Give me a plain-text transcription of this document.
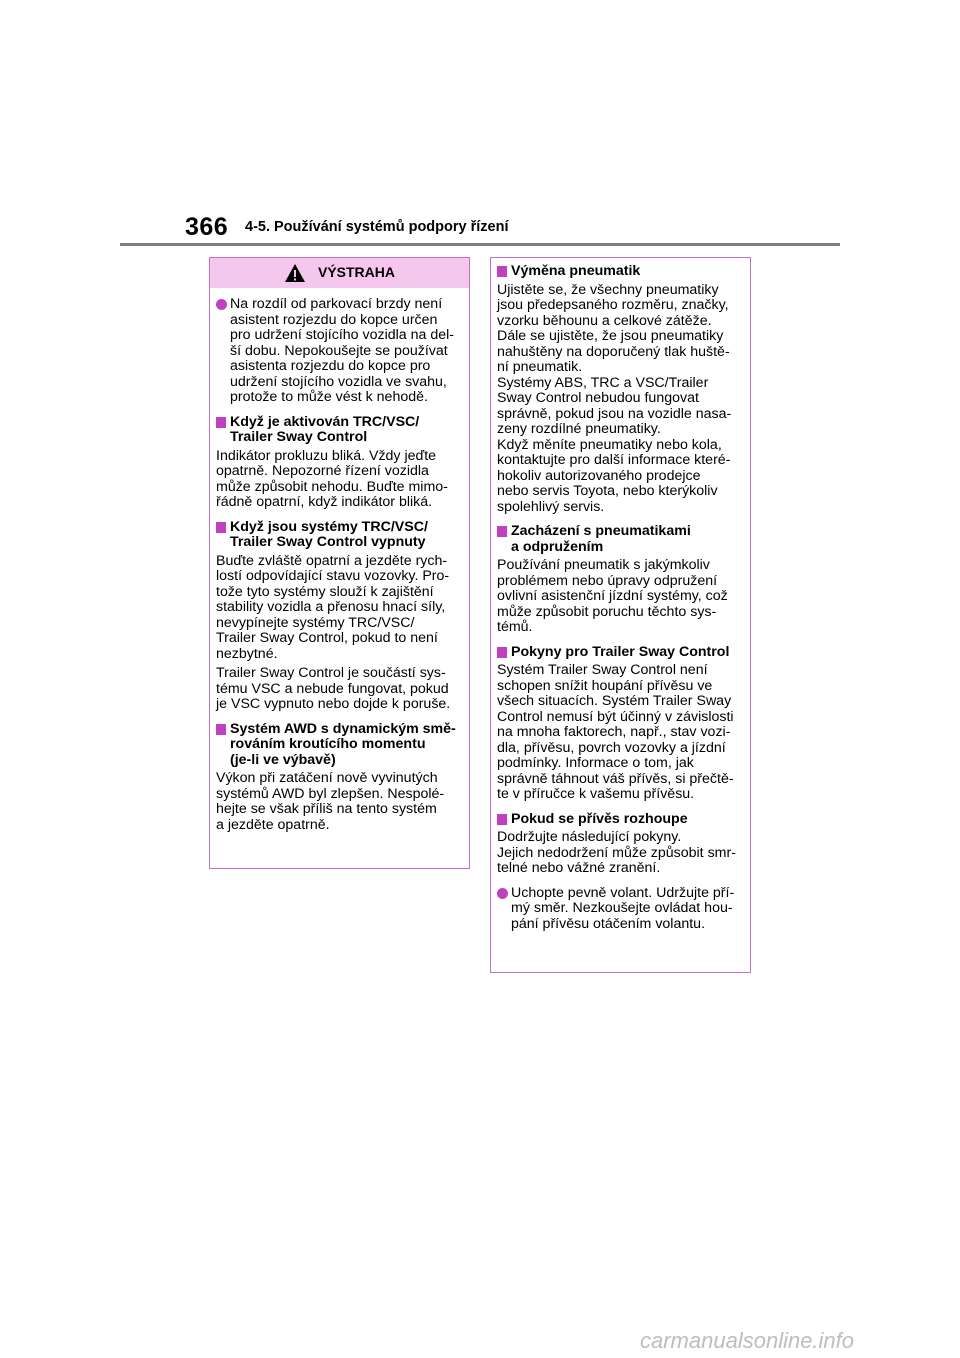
366 4-5. Používání systémů podpory řízení
VÝSTRAHA
Na rozdíl od parkovací brzdy není
asistent rozjezdu do kopce určen
pro udržení stojícího vozidla na del-
ší dobu. Nepokoušejte se používat
asistenta rozjezdu do kopce pro
udržení stojícího vozidla ve svahu,
protože to může vést k nehodě.
Když je aktivován TRC/VSC/
Trailer Sway Control

Indikátor prokluzu bliká. Vždy jeďte
opatrně. Nepozorné řízení vozidla
může způsobit nehodu. Buďte mimo-
řádně opatrní, když indikátor bliká.

Když jsou systémy TRC/VSC/
Trailer Sway Control vypnuty

Buďte zvláště opatrní a jezděte rych-
lostí odpovídající stavu vozovky. Pro-
tože tyto systémy slouží k zajištění
stability vozidla a přenosu hnací síly,
nevypínejte systémy TRC/VSC/
Trailer Sway Control, pokud to není
nezbytné.

Trailer Sway Control je součástí sys-
tému VSC a nebude fungovat, pokud
je VSC vypnuto nebo dojde k poruše.

Systém AWD s dynamickým smě-
rováním kroutícího momentu
(je-li ve výbavě)

Výkon při zatáčení nově vyvinutých
systémů AWD byl zlepšen. Nespolé-
hejte se však příliš na tento systém
a jezděte opatrně.

Výměna pneumatik

Ujistěte se, že všechny pneumatiky
jsou předepsaného rozměru, značky,
vzorku běhounu a celkové zátěže.
Dále se ujistěte, že jsou pneumatiky
nahuštěny na doporučený tlak huště-
ní pneumatik.
Systémy ABS, TRC a VSC/Trailer
Sway Control nebudou fungovat
správně, pokud jsou na vozidle nasa-
zeny rozdílné pneumatiky.
Když měníte pneumatiky nebo kola,
kontaktujte pro další informace které-
hokoliv autorizovaného prodejce
nebo servis Toyota, nebo kterýkoliv
spolehlivý servis.

Zacházení s pneumatikami
a odpružením

Používání pneumatik s jakýmkoliv
problémem nebo úpravy odpružení
ovlivní asistenční jízdní systémy, což
může způsobit poruchu těchto sys-
témů.

Pokyny pro Trailer Sway Control

Systém Trailer Sway Control není
schopen snížit houpání přívěsu ve
všech situacích. Systém Trailer Sway
Control nemusí být účinný v závislosti
na mnoha faktorech, např., stav vozi-
dla, přívěsu, povrch vozovky a jízdní
podmínky. Informace o tom, jak
správně táhnout váš přívěs, si přečtě-
te v příručce k vašemu přívěsu.

Pokud se přívěs rozhoupe

Dodržujte následující pokyny.
Jejich nedodržení může způsobit smr-
telné nebo vážné zranění.

Uchopte pevně volant. Udržujte pří-
mý směr. Nezkoušejte ovládat hou-
pání přívěsu otáčením volantu.
carmanualsonline.info
